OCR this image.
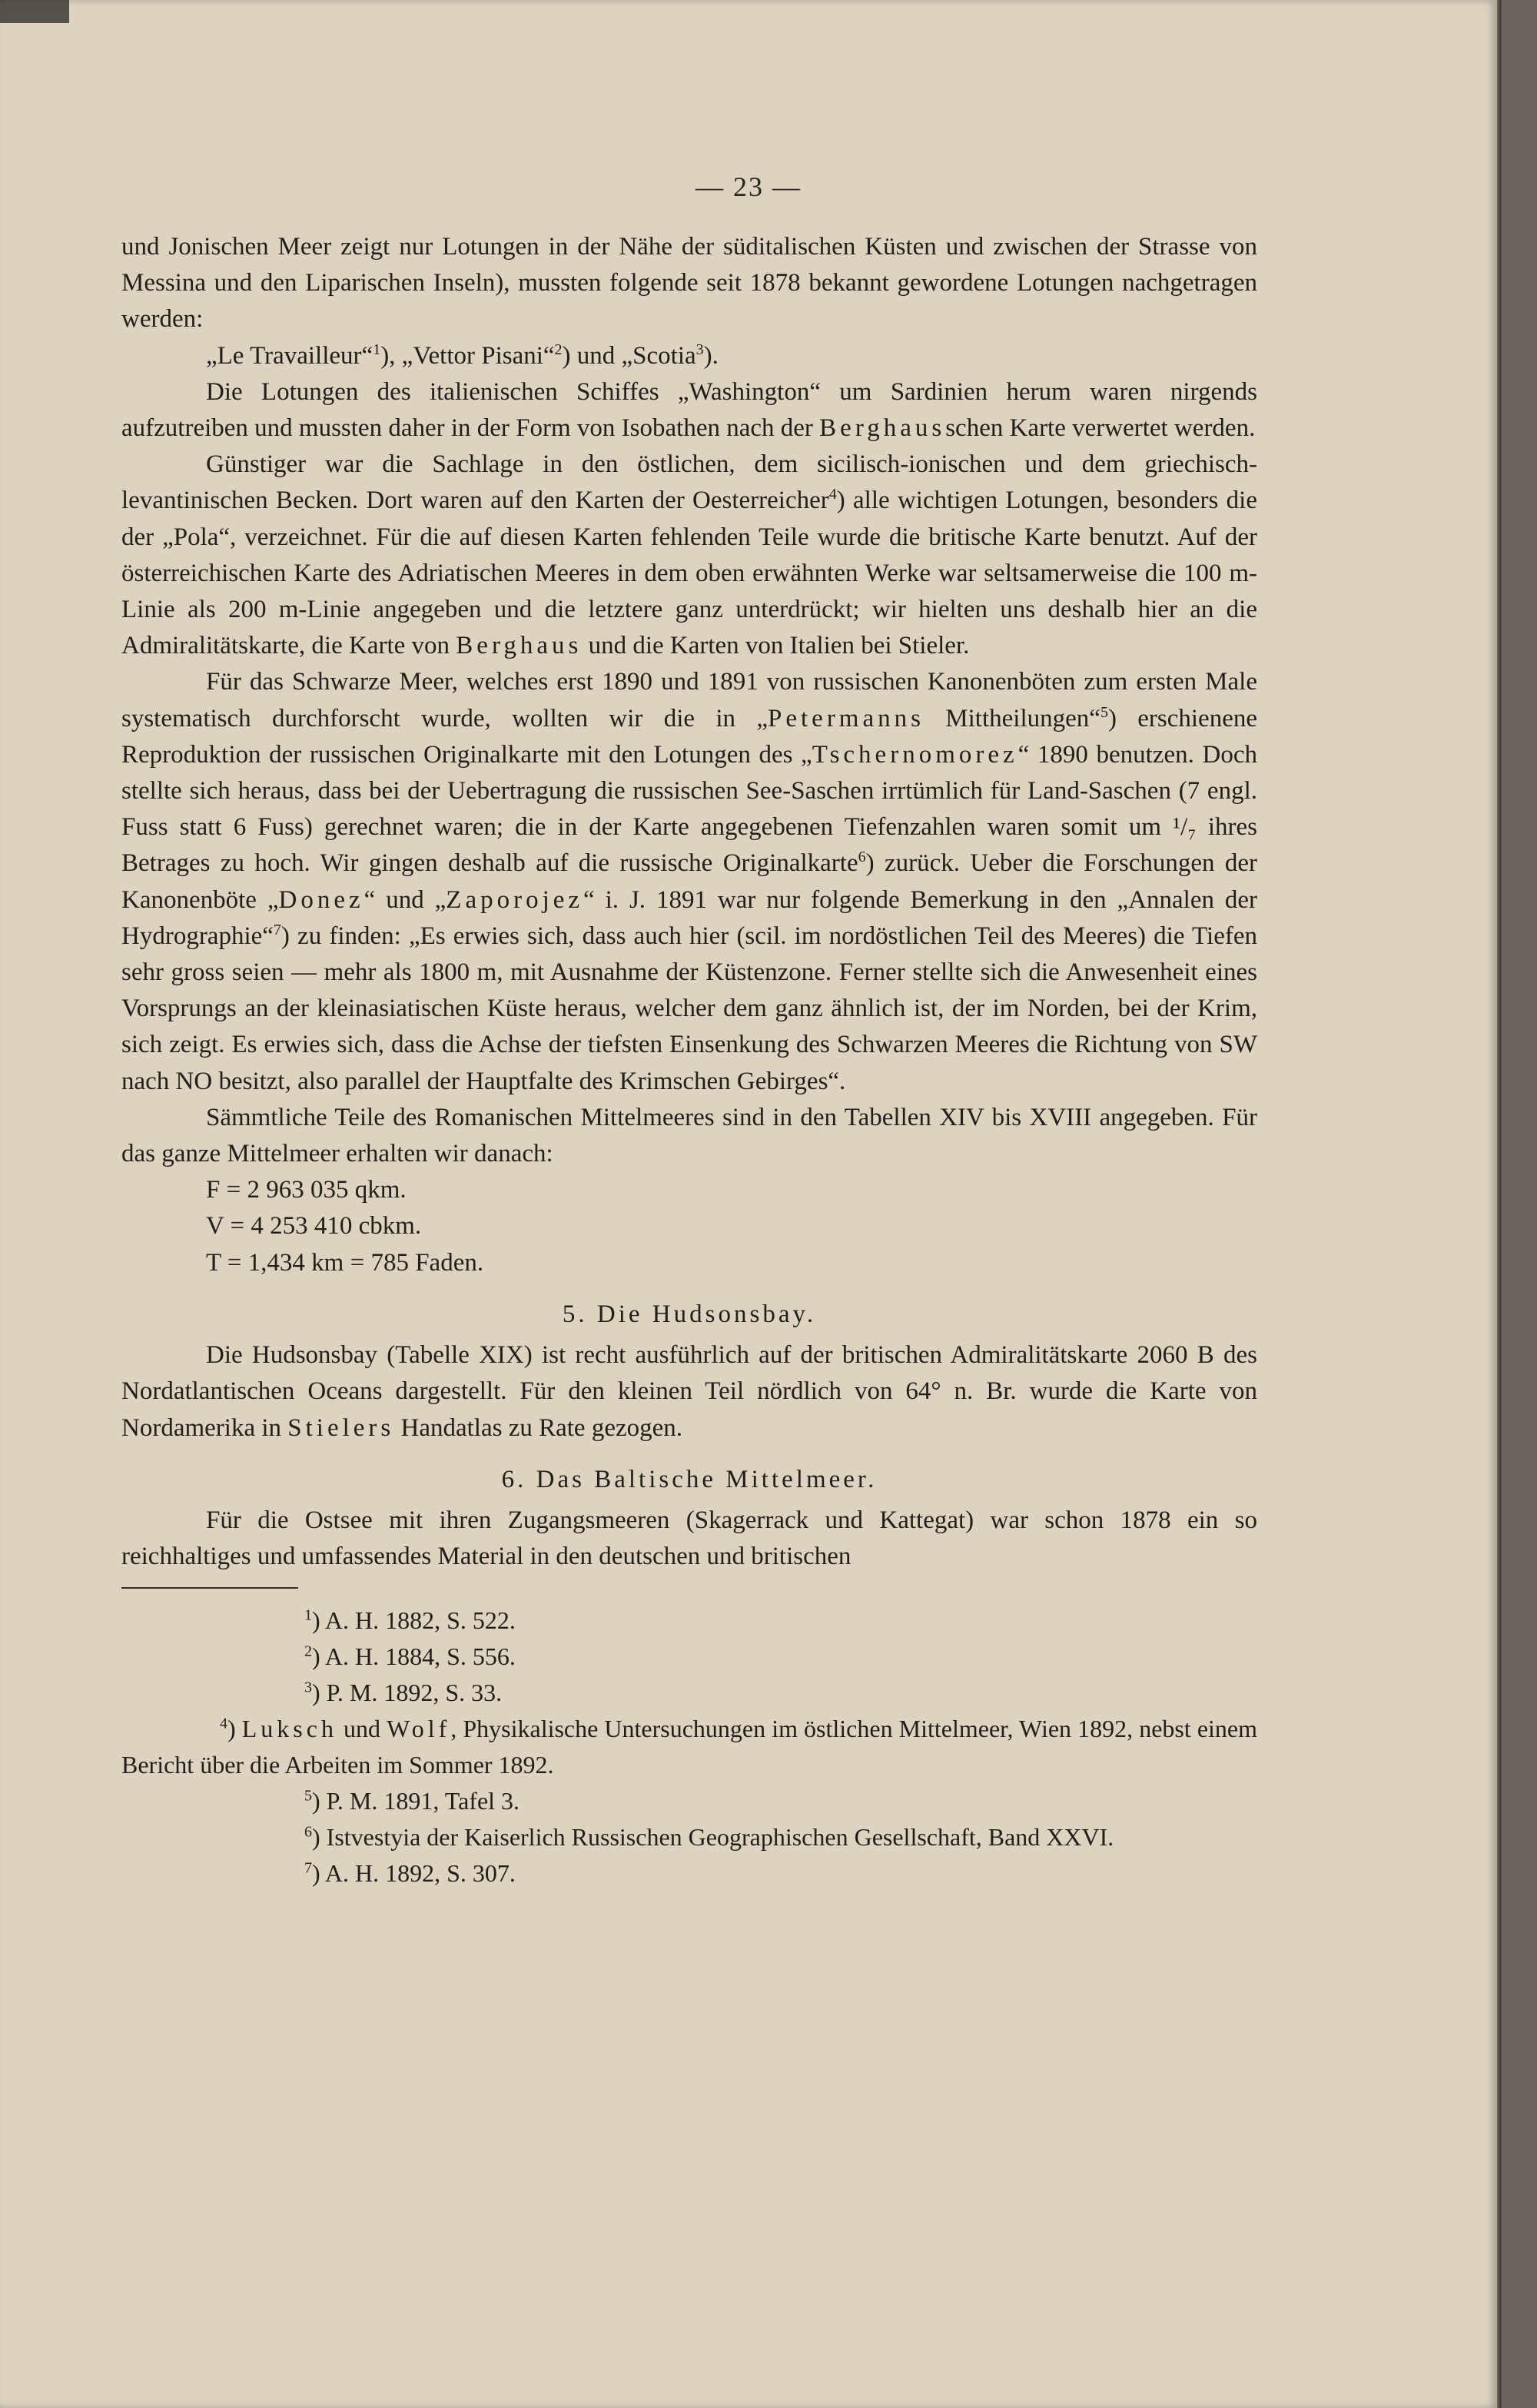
— 23 —

und Jonischen Meer zeigt nur Lotungen in der Nähe der süditalischen Küsten und zwischen der Strasse von Messina und den Liparischen Inseln), mussten folgende seit 1878 bekannt gewordene Lotungen nachgetragen werden:

„Le Travailleur“$^1$), „Vettor Pisani“$^2$) und „Scotia$^3$).

Die Lotungen des italienischen Schiffes „Washington“ um Sardinien herum waren nirgends aufzutreiben und mussten daher in der Form von Isobathen nach der Berghausschen Karte verwertet werden.

Günstiger war die Sachlage in den östlichen, dem sicilisch-ionischen und dem griechisch-levantinischen Becken. Dort waren auf den Karten der Oesterreicher$^4$) alle wichtigen Lotungen, besonders die der „Pola“, verzeichnet. Für die auf diesen Karten fehlenden Teile wurde die britische Karte benutzt. Auf der österreichischen Karte des Adriatischen Meeres in dem oben erwähnten Werke war seltsamerweise die 100 m-Linie als 200 m-Linie angegeben und die letztere ganz unterdrückt; wir hielten uns deshalb hier an die Admiralitätskarte, die Karte von Berghaus und die Karten von Italien bei Stieler.

Für das Schwarze Meer, welches erst 1890 und 1891 von russischen Kanonenböten zum ersten Male systematisch durchforscht wurde, wollten wir die in „Petermanns Mittheilungen“$^5$) erschienene Reproduktion der russischen Originalkarte mit den Lotungen des „Tschernomorez“ 1890 benutzen. Doch stellte sich heraus, dass bei der Uebertragung die russischen See-Saschen irrtümlich für Land-Saschen (7 engl. Fuss statt 6 Fuss) gerechnet waren; die in der Karte angegebenen Tiefenzahlen waren somit um ¹/₇ ihres Betrages zu hoch. Wir gingen deshalb auf die russische Originalkarte$^6$) zurück. Ueber die Forschungen der Kanonenböte „Donez“ und „Zaporojez“ i. J. 1891 war nur folgende Bemerkung in den „Annalen der Hydrographie“$^7$) zu finden: „Es erwies sich, dass auch hier (scil. im nordöstlichen Teil des Meeres) die Tiefen sehr gross seien — mehr als 1800 m, mit Ausnahme der Küstenzone. Ferner stellte sich die Anwesenheit eines Vorsprungs an der kleinasiatischen Küste heraus, welcher dem ganz ähnlich ist, der im Norden, bei der Krim, sich zeigt. Es erwies sich, dass die Achse der tiefsten Einsenkung des Schwarzen Meeres die Richtung von SW nach NO besitzt, also parallel der Hauptfalte des Krimschen Gebirges“.

Sämmtliche Teile des Romanischen Mittelmeeres sind in den Tabellen XIV bis XVIII angegeben. Für das ganze Mittelmeer erhalten wir danach:

F = 2 963 035 qkm.

V = 4 253 410 cbkm.

T = 1,434 km = 785 Faden.

5. Die Hudsonsbay.

Die Hudsonsbay (Tabelle XIX) ist recht ausführlich auf der britischen Admiralitätskarte 2060 B des Nordatlantischen Oceans dargestellt. Für den kleinen Teil nördlich von 64° n. Br. wurde die Karte von Nordamerika in Stielers Handatlas zu Rate gezogen.

6. Das Baltische Mittelmeer.

Für die Ostsee mit ihren Zugangsmeeren (Skagerrack und Kattegat) war schon 1878 ein so reichhaltiges und umfassendes Material in den deutschen und britischen

$^1$) A. H. 1882, S. 522.

$^2$) A. H. 1884, S. 556.

$^3$) P. M. 1892, S. 33.

$^4$) Luksch und Wolf, Physikalische Untersuchungen im östlichen Mittelmeer, Wien 1892, nebst einem Bericht über die Arbeiten im Sommer 1892.

$^5$) P. M. 1891, Tafel 3.

$^6$) Istvestyia der Kaiserlich Russischen Geographischen Gesellschaft, Band XXVI.

$^7$) A. H. 1892, S. 307.
